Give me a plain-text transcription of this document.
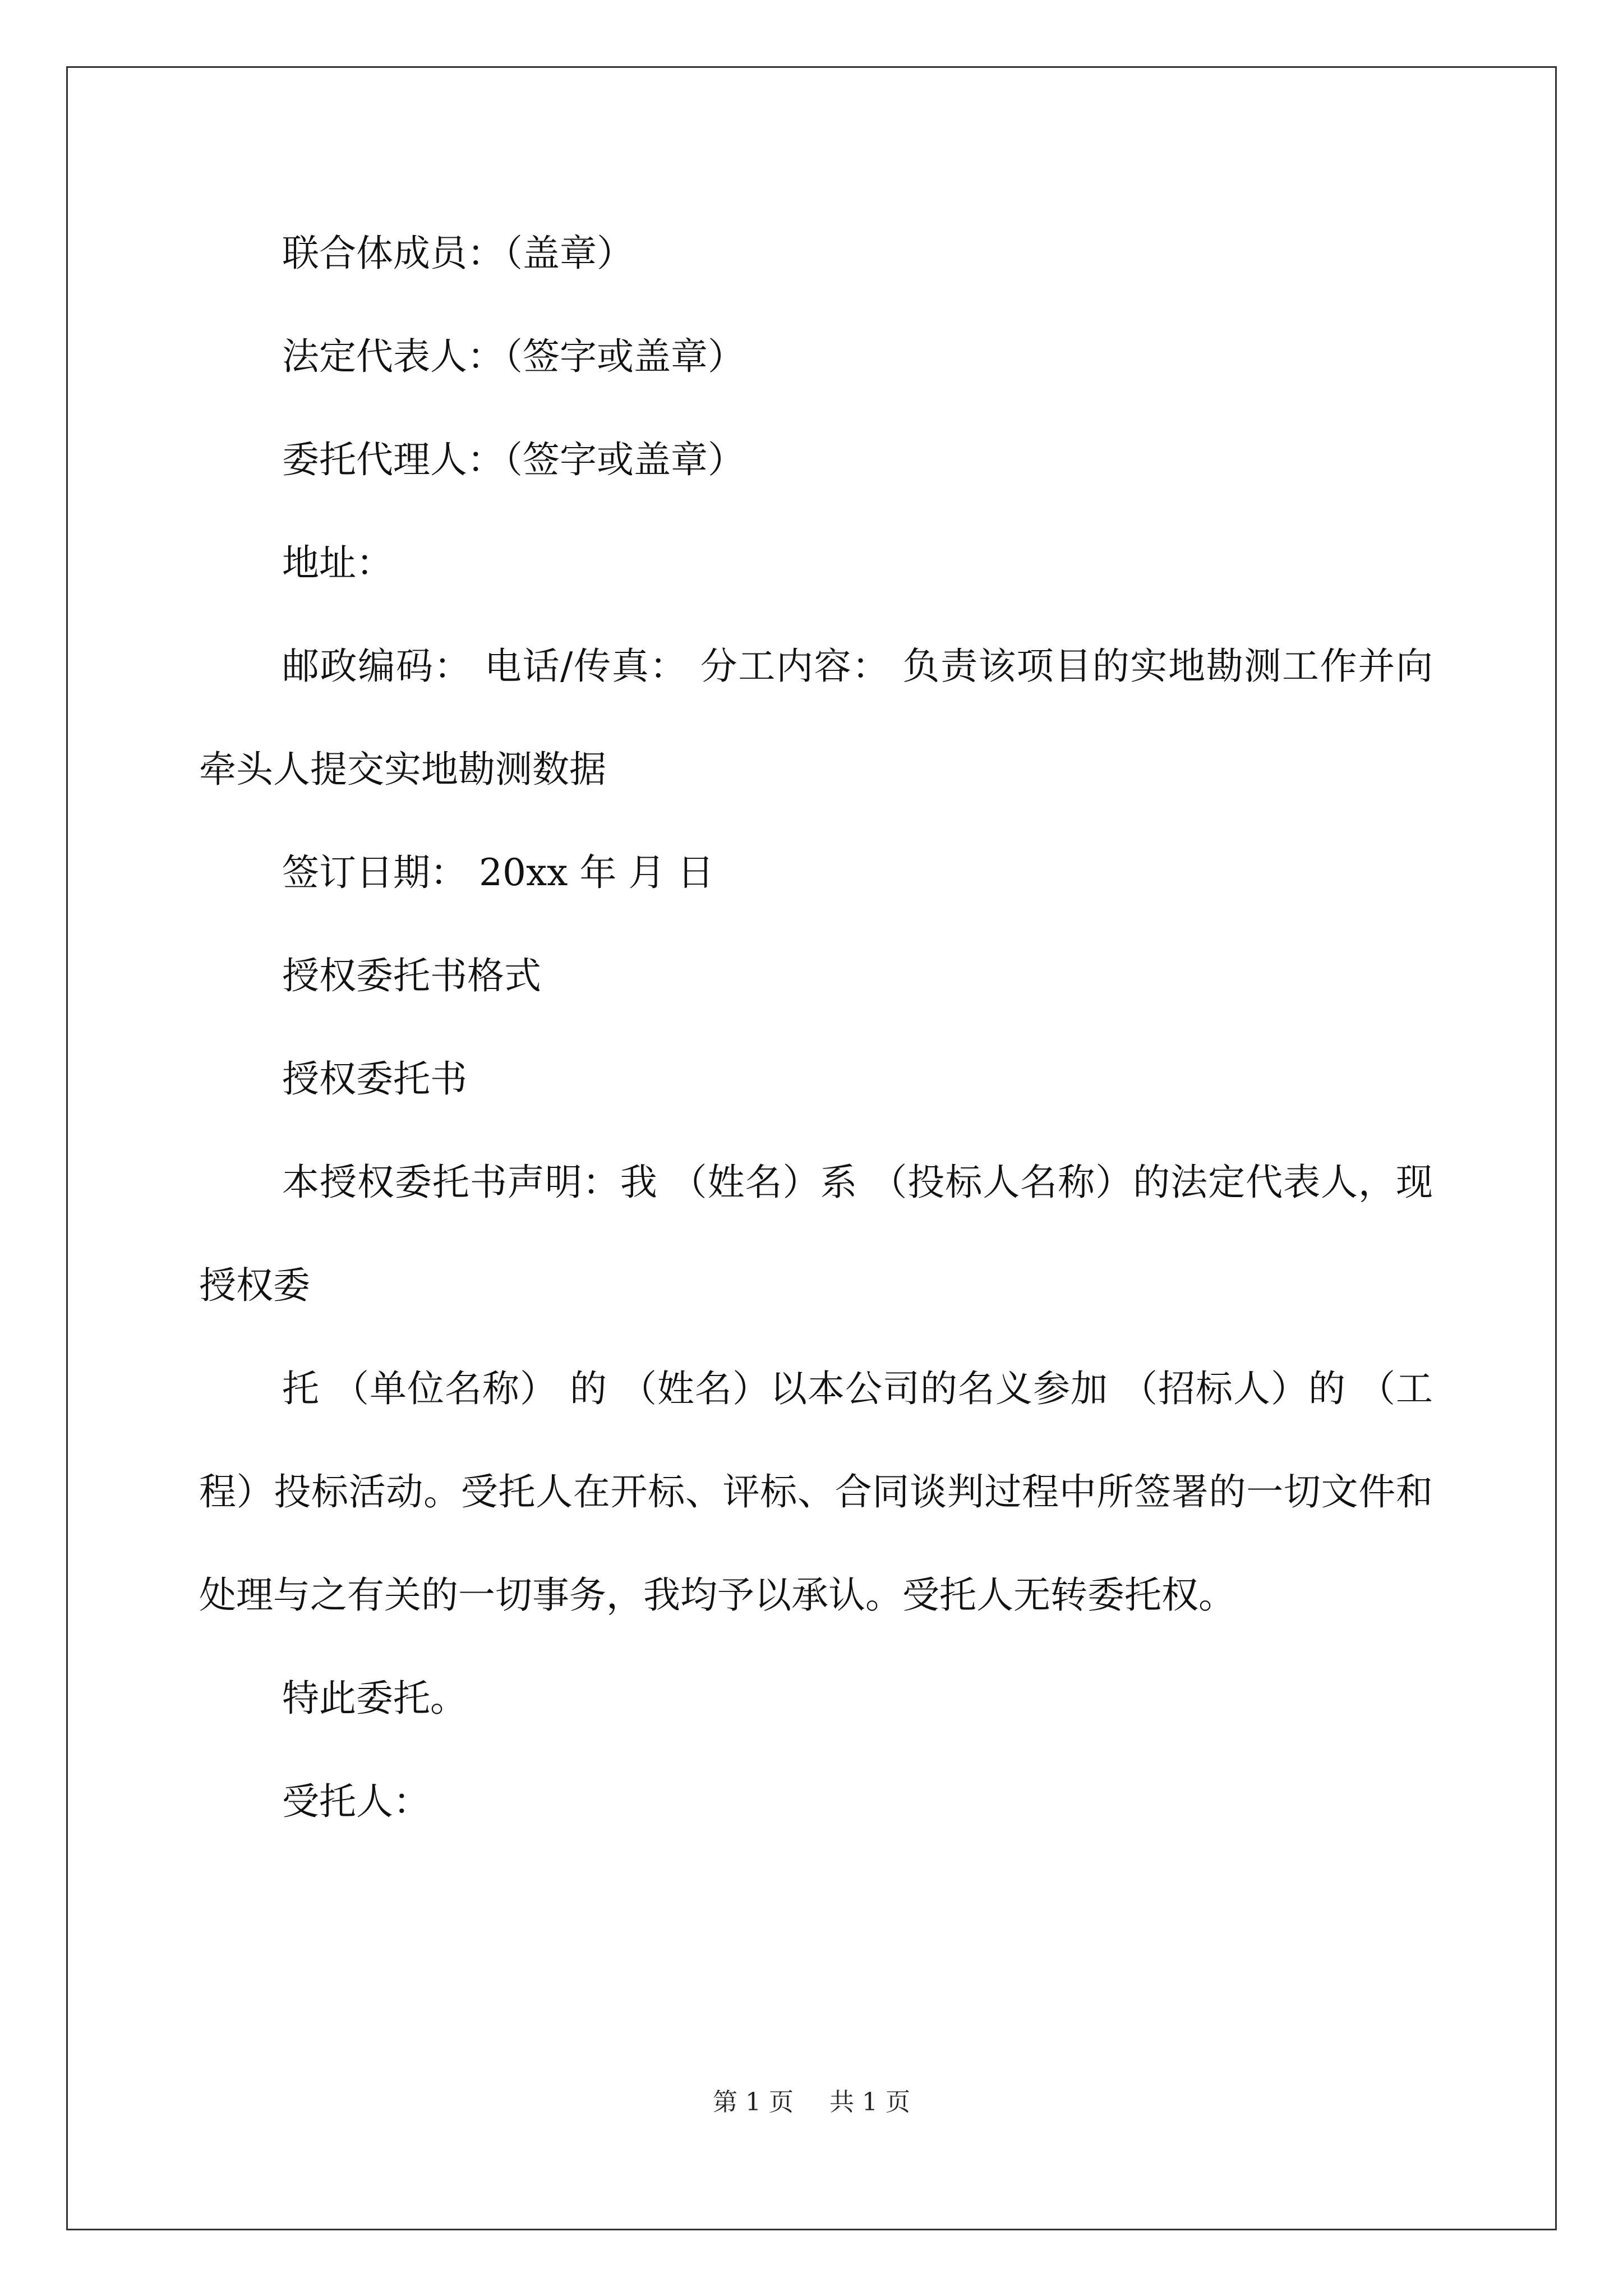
联合体成员：（盖章）

法定代表人：（签字或盖章）

委托代理人：（签字或盖章）

地址：

邮政编码： 电话/传真： 分工内容： 负责该项目的实地勘测工作并向牵头人提交实地勘测数据

签订日期： 20xx 年 月 日

授权委托书格式

授权委托书

本授权委托书声明：我 （姓名）系 （投标人名称）的法定代表人，现授权委

托 （单位名称） 的 （姓名）以本公司的名义参加 （招标人）的 （工程）投标活动。受托人在开标、评标、合同谈判过程中所签署的一切文件和处理与之有关的一切事务，我均予以承认。受托人无转委托权。

特此委托。

受托人：

第 1 页 共 1 页
